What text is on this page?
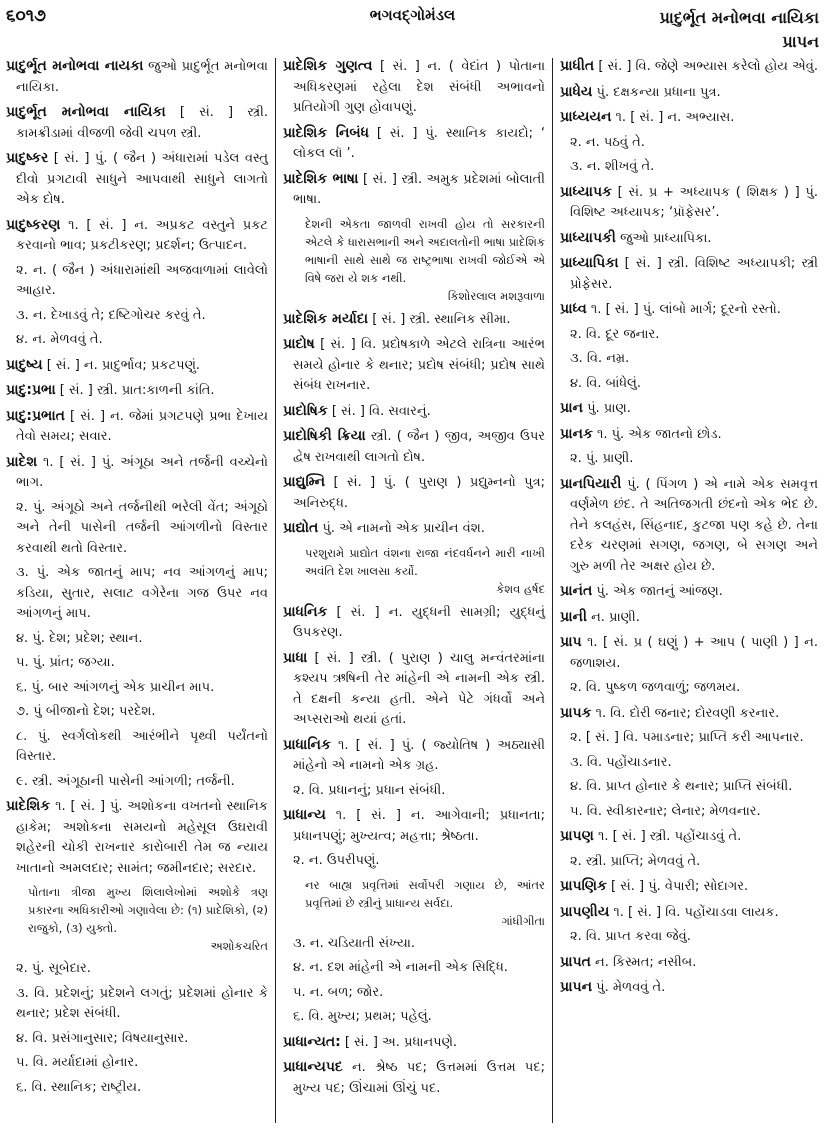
૬૦૧૭	ભગવદ્ગોમંડલ	પ્રાદુર્ભૂત મનોભવા નાયિકા
પ્રાપન

પ્રાદુર્ભૂત મનોભવા નાયકા જુઓ પ્રાદુર્ભૂત મનોભવા નાયિકા.

પ્રાદુર્ભૂત મનોભવા નાયિકા [ સં. ] સ્ત્રી. કામક્રીડામાં વીજળી જેવી ચપળ સ્ત્રી.

પ્રાદુષ્કર [ સં. ] પું. ( જૈન ) અંધારામાં પડેલ વસ્તુ દીવો પ્રગટાવી સાધુને આપવાથી સાધુને લાગતો એક દોષ.

પ્રાદુષ્કરણ ૧. [ સં. ] ન. અપ્રકટ વસ્તુને પ્રકટ કરવાનો ભાવ; પ્રકટીકરણ; પ્રદર્શન; ઉત્પાદન.

૨. ન. ( જૈન ) અંધારામાંથી અજવાળામાં લાવેલો આહાર.

૩. ન. દેખાડવું તે; દષ્ટિગોચર કરવું તે.

૪. ન. મેળવવું તે.

પ્રાદુષ્ય [ સં. ] ન. પ્રાદુર્ભાવ; પ્રકટપણું.

પ્રાદુ:પ્રભા [ સં. ] સ્ત્રી. પ્રાત:કાળની કાંતિ.

પ્રાદુ:પ્રભાત [ સં. ] ન. જેમાં પ્રગટપણે પ્રભા દેખાય તેવો સમય; સવાર.

પ્રાદેશ ૧. [ સં. ] પું. અંગૂઠા અને તર્જની વચ્ચેનો ભાગ.

૨. પું. અંગૂઠો અને તર્જનીથી ભરેલી વેંત; અંગૂઠો અને તેની પાસેની તર્જની આંગળીનો વિસ્તાર કરવાથી થતો વિસ્તાર.

૩. પું. એક જાતનું માપ; નવ આંગળનું માપ; કડિયા, સુતાર, સલાટ વગેરેના ગજ ઉપર નવ આંગળનું માપ.

૪. પું. દેશ; પ્રદેશ; સ્થાન.

૫. પું. પ્રાંત; જગ્યા.

૬. પું. બાર આંગળનું એક પ્રાચીન માપ.

૭. પું બીજાનો દેશ; પરદેશ.

૮. પું. સ્વર્ગલોકથી આરંભીને પૃથ્વી પર્યંતનો વિસ્તાર.

૯. સ્ત્રી. અંગૂઠાની પાસેની આંગળી; તર્જની.

પ્રાદેશિક ૧. [ સં. ] પું. અશોકના વખતનો સ્થાનિક હાકેમ; અશોકના સમયનો મહેસૂલ ઉઘરાવી શહેરની ચોકી રાખનાર કારોબારી તેમ જ ન્યાય ખાતાનો અમલદાર; સામંત; જમીનદાર; સરદાર.

પોતાના ત્રીજા મુખ્ય શિલાલેખોમાં અશોકે ત્રણ પ્રકારના અધિકારીઓ ગણાવેલા છે: (૧) પ્રાદેશિકો, (૨) રાજુકો, (૩) યુક્તો.

અશોકચરિત

૨. પું. સૂબેદાર.

૩. વિ. પ્રદેશનું; પ્રદેશને લગતું; પ્રદેશમાં હોનાર કે થનાર; પ્રદેશ સંબંધી.

૪. વિ. પ્રસંગાનુસાર; વિષયાનુસાર.

૫. વિ. મર્યાદામાં હોનાર.

૬. વિ. સ્થાનિક; રાષ્ટ્રીય.

પ્રાદેશિક ગુણત્વ [ સં. ] ન. ( વેદાંત ) પોતાના અધિકરણમાં રહેલા દેશ સંબંધી અભાવનો પ્રતિયોગી ગુણ હોવાપણું.

પ્રાદેશિક નિબંધ [ સં. ] પું. સ્થાનિક કાયદો; ‘ લોકલ લૉ ’.

પ્રાદેશિક ભાષા [ સં. ] સ્ત્રી. અમુક પ્રદેશમાં બોલાતી ભાષા.

દેશની એકતા જાળવી રાખવી હોય તો સરકારની એટલે કે ધારાસભાની અને અદાલતોની ભાષા પ્રાદેશિક ભાષાની સાથે સાથે જ રાષ્ટ્રભાષા રાખવી જોઈએ એ વિષે જરા યે શક નથી.

કિશોરલાલ મશરૂવાળા

પ્રાદેશિક મર્યાદા [ સં. ] સ્ત્રી. સ્થાનિક સીમા.

પ્રાદોષ [ સં. ] વિ. પ્રદોષકાળે એટલે રાત્રિના આરંભ સમયે હોનાર કે થનાર; પ્રદોષ સંબંધી; પ્રદોષ સાથે સંબંધ રાખનાર.

પ્રાદોષિક [ સં. ] વિ. સવારનું.

પ્રાદોષિકી ક્રિયા સ્ત્રી. ( જૈન ) જીવ, અજીવ ઉપર દ્વેષ રાખવાથી લાગતો દોષ.

પ્રાદ્યુમ્નિ [ સં. ] પું. ( પુરાણ ) પ્રદ્યુમ્નનો પુત્ર; અનિરુદ્ધ.

પ્રાદ્યોત પું. એ નામનો એક પ્રાચીન વંશ.

પરશુરામે પ્રાદ્યોત વંશના રાજા નંદવર્ધનને મારી નાખી અવંતિ દેશ ખાલસા કર્યો.

કેશવ હર્ષદ

પ્રાધનિક [ સં. ] ન. યુદ્ધની સામગ્રી; યુદ્ધનું ઉપકરણ.

પ્રાધા [ સં. ] સ્ત્રી. ( પુરાણ ) ચાલુ મન્વંતરમાંના કશ્યપ ઋષિની તેર માંહેની એ નામની એક સ્ત્રી. તે દક્ષની કન્યા હતી. એને પેટે ગંધર્વો અને અપ્સરાઓ થયાં હતાં.

પ્રાધાનિક ૧. [ સં. ] પું. ( જ્યોતિષ ) અઠ્યાસી માંહેનો એ નામનો એક ગ્રહ.

૨. વિ. પ્રધાનનું; પ્રધાન સંબંધી.

પ્રાધાન્ય ૧. [ સં. ] ન. આગેવાની; પ્રધાનતા; પ્રધાનપણું; મુખ્યત્વ; મહત્તા; શ્રેષ્ઠતા.

૨. ન. ઉપરીપણું.

નર બાહ્ય પ્રવૃત્તિમાં સર્વોપરી ગણાય છે, આંતર પ્રવૃત્તિમાં છે સ્ત્રીનું પ્રાધાન્ય સર્વદા.

ગાંધીગીતા

૩. ન. ચડિયાતી સંખ્યા.

૪. ન. દશ માંહેની એ નામની એક સિદ્ધિ.

૫. ન. બળ; જોર.

૬. વિ. મુખ્ય; પ્રથમ; પહેલું.

પ્રાધાન્યત: [ સં. ] અ. પ્રધાનપણે.

પ્રાધાન્યપદ ન. શ્રેષ્ઠ પદ; ઉત્તમમાં ઉત્તમ પદ; મુખ્ય પદ; ઊંચામાં ઊંચું પદ.

પ્રાધીત [ સં. ] વિ. જેણે અભ્યાસ કરેલો હોય એવું.

પ્રાધેય પું. દક્ષકન્યા પ્રધાના પુત્ર.

પ્રાધ્યયન ૧. [ સં. ] ન. અભ્યાસ.

૨. ન. પઠવું તે.

૩. ન. શીખવું તે.

પ્રાધ્યાપક [ સં. પ્ર + અધ્યાપક ( શિક્ષક ) ] પું. વિશિષ્ટ અધ્યાપક; ‘પ્રૉફેસર’.

પ્રાધ્યાપકી જુઓ પ્રાધ્યાપિકા.

પ્રાધ્યાપિકા [ સં. ] સ્ત્રી. વિશિષ્ટ અધ્યાપકી; સ્ત્રી પ્રોફેસર.

પ્રાધ્વ ૧. [ સં. ] પું. લાંબો માર્ગ; દૂરનો રસ્તો.

૨. વિ. દૂર જનાર.

૩. વિ. નમ્ર.

૪. વિ. બાંધેલું.

પ્રાન પું. પ્રાણ.

પ્રાનક ૧. પું. એક જાતનો છોડ.

૨. પું. પ્રાણી.

પ્રાનપિયારી પું. ( પિંગળ ) એ નામે એક સમવૃત્ત વર્ણમેળ છંદ. તે અતિજગતી છંદનો એક ભેદ છે. તેને કલહંસ, સિંહનાદ, કુટજા પણ કહે છે. તેના દરેક ચરણમાં સગણ, જગણ, બે સગણ અને ગુરુ મળી તેર અક્ષર હોય છે.

પ્રાનંત પું. એક જાતનું આંજણ.

પ્રાની ન. પ્રાણી.

પ્રાપ ૧. [ સં. પ્ર ( ઘણું ) + આપ ( પાણી ) ] ન. જળાશય.

૨. વિ. પુષ્કળ જળવાળું; જળમય.

પ્રાપક ૧. વિ. દોરી જનાર; દોરવણી કરનાર.

૨. [ સં. ] વિ. પમાડનાર; પ્રાપ્તિ કરી આપનાર.

૩. વિ. પહોંચાડનાર.

૪. વિ. પ્રાપ્ત હોનાર કે થનાર; પ્રાપ્તિ સંબંધી.

૫. વિ. સ્વીકારનાર; લેનાર; મેળવનાર.

પ્રાપણ ૧. [ સં. ] સ્ત્રી. પહોંચાડવું તે.

૨. સ્ત્રી. પ્રાપ્તિ; મેળવવું તે.

પ્રાપણિક [ સં. ] પું. વેપારી; સોદાગર.

પ્રાપણીય ૧. [ સં. ] વિ. પહોંચાડવા લાયક.

૨. વિ. પ્રાપ્ત કરવા જેવું.

પ્રાપત ન. કિસ્મત; નસીબ.

પ્રાપન પું. મેળવવું તે.
